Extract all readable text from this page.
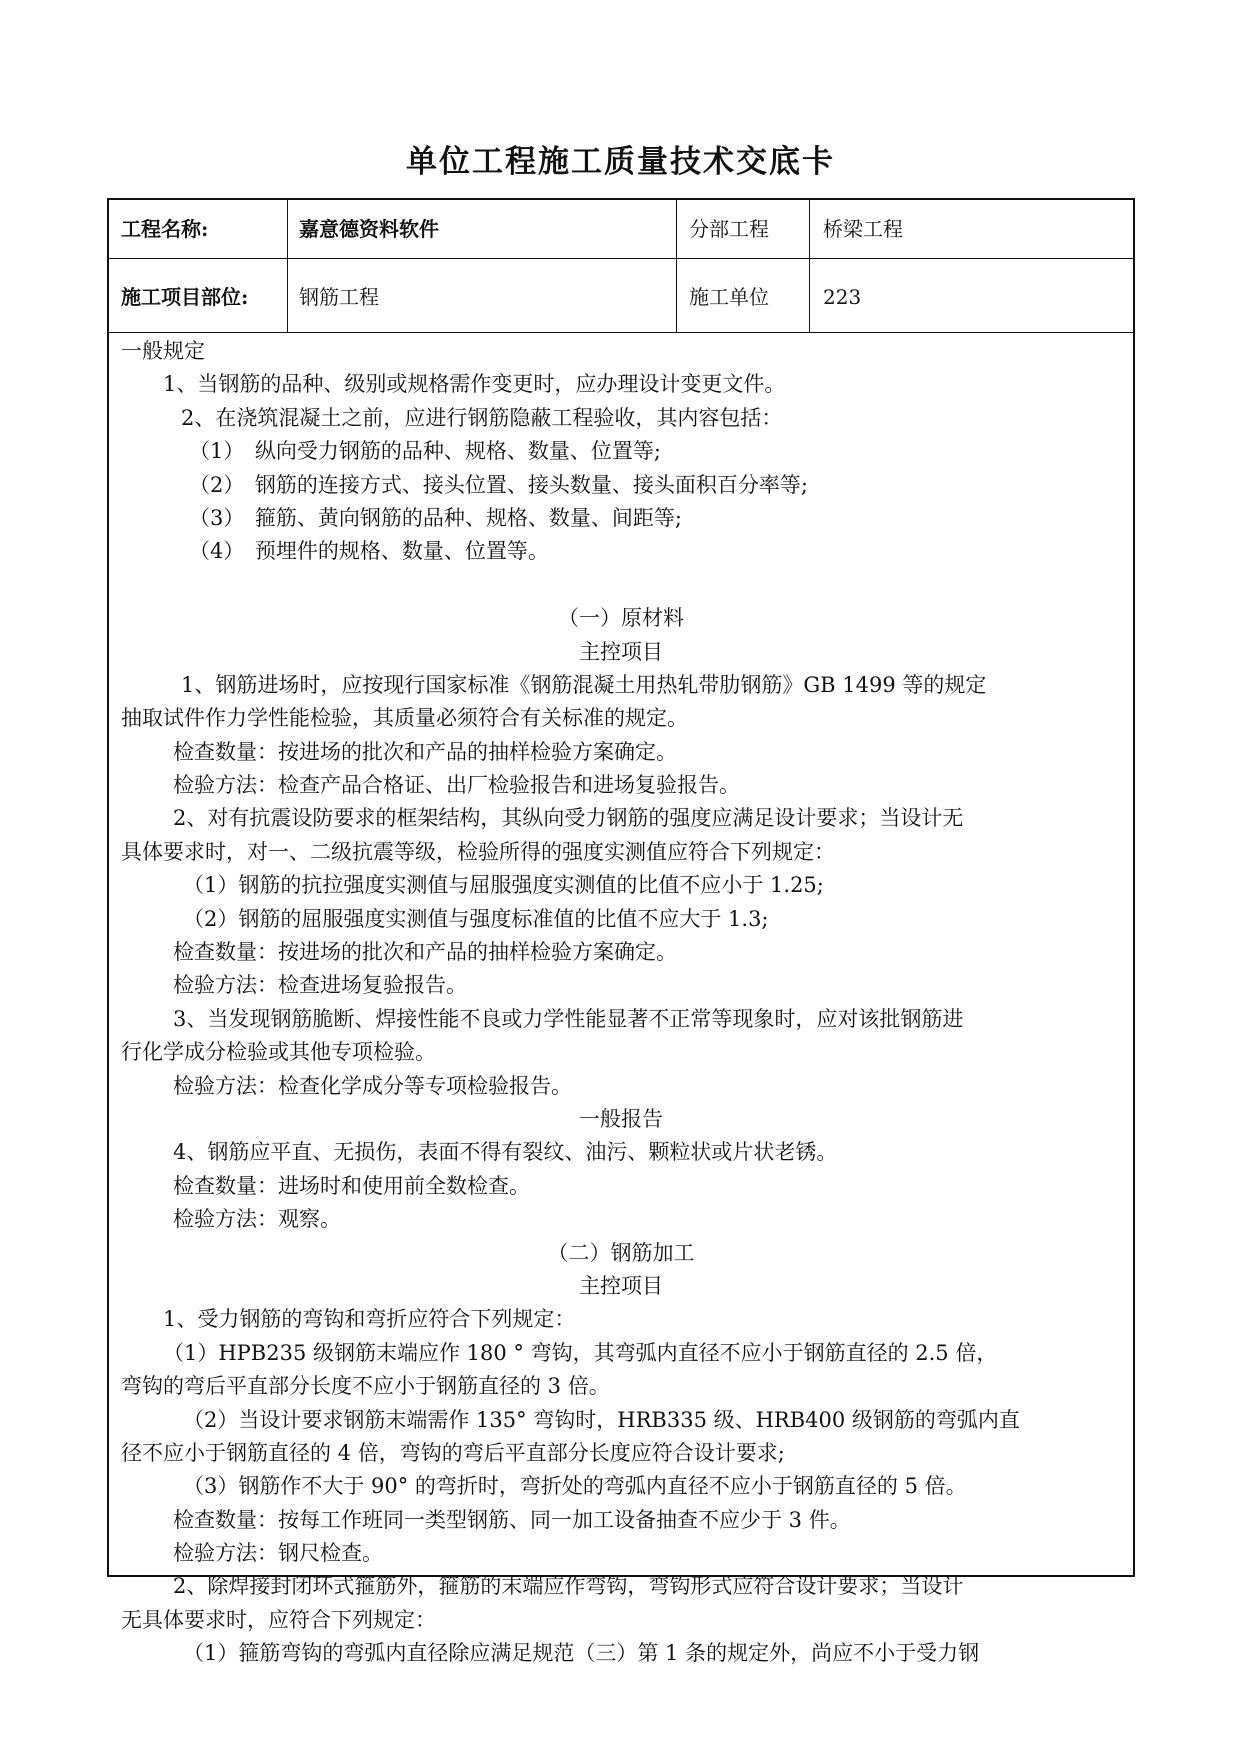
单位工程施工质量技术交底卡
工程名称:	嘉意德资料软件	分部工程	桥梁工程
施工项目部位:	钢筋工程	施工单位	223
一般规定
1、当钢筋的品种、级别或规格需作变更时，应办理设计变更文件。
2、在浇筑混凝土之前，应进行钢筋隐蔽工程验收，其内容包括：
（1）　纵向受力钢筋的品种、规格、数量、位置等;
（2）　钢筋的连接方式、接头位置、接头数量、接头面积百分率等;
（3）　箍筋、黄向钢筋的品种、规格、数量、间距等;
（4）　预埋件的规格、数量、位置等。
（一）原材料
主控项目
1、钢筋进场时，应按现行国家标准《钢筋混凝土用热轧带肋钢筋》GB 1499 等的规定
抽取试件作力学性能检验，其质量必须符合有关标准的规定。
检查数量：按进场的批次和产品的抽样检验方案确定。
检验方法：检查产品合格证、出厂检验报告和进场复验报告。
2、对有抗震设防要求的框架结构，其纵向受力钢筋的强度应满足设计要求；当设计无
具体要求时，对一、二级抗震等级，检验所得的强度实测值应符合下列规定：
（1）钢筋的抗拉强度实测值与屈服强度实测值的比值不应小于 1.25;
（2）钢筋的屈服强度实测值与强度标准值的比值不应大于 1.3;
检查数量：按进场的批次和产品的抽样检验方案确定。
检验方法：检查进场复验报告。
3、当发现钢筋脆断、焊接性能不良或力学性能显著不正常等现象时，应对该批钢筋进
行化学成分检验或其他专项检验。
检验方法：检查化学成分等专项检验报告。
一般报告
4、钢筋应平直、无损伤，表面不得有裂纹、油污、颗粒状或片状老锈。
检查数量：进场时和使用前全数检查。
检验方法：观察。
（二）钢筋加工
主控项目
1、受力钢筋的弯钩和弯折应符合下列规定：
（1）HPB235 级钢筋末端应作 180 ° 弯钩，其弯弧内直径不应小于钢筋直径的 2.5 倍，
弯钩的弯后平直部分长度不应小于钢筋直径的 3 倍。
（2）当设计要求钢筋末端需作 135° 弯钩时，HRB335 级、HRB400 级钢筋的弯弧内直
径不应小于钢筋直径的 4 倍，弯钩的弯后平直部分长度应符合设计要求;
（3）钢筋作不大于 90° 的弯折时，弯折处的弯弧内直径不应小于钢筋直径的 5 倍。
检查数量：按每工作班同一类型钢筋、同一加工设备抽查不应少于 3 件。
检验方法：钢尺检查。
2、除焊接封闭环式箍筋外，箍筋的末端应作弯钩，弯钩形式应符合设计要求；当设计
无具体要求时，应符合下列规定：
（1）箍筋弯钩的弯弧内直径除应满足规范（三）第 1 条的规定外，尚应不小于受力钢
